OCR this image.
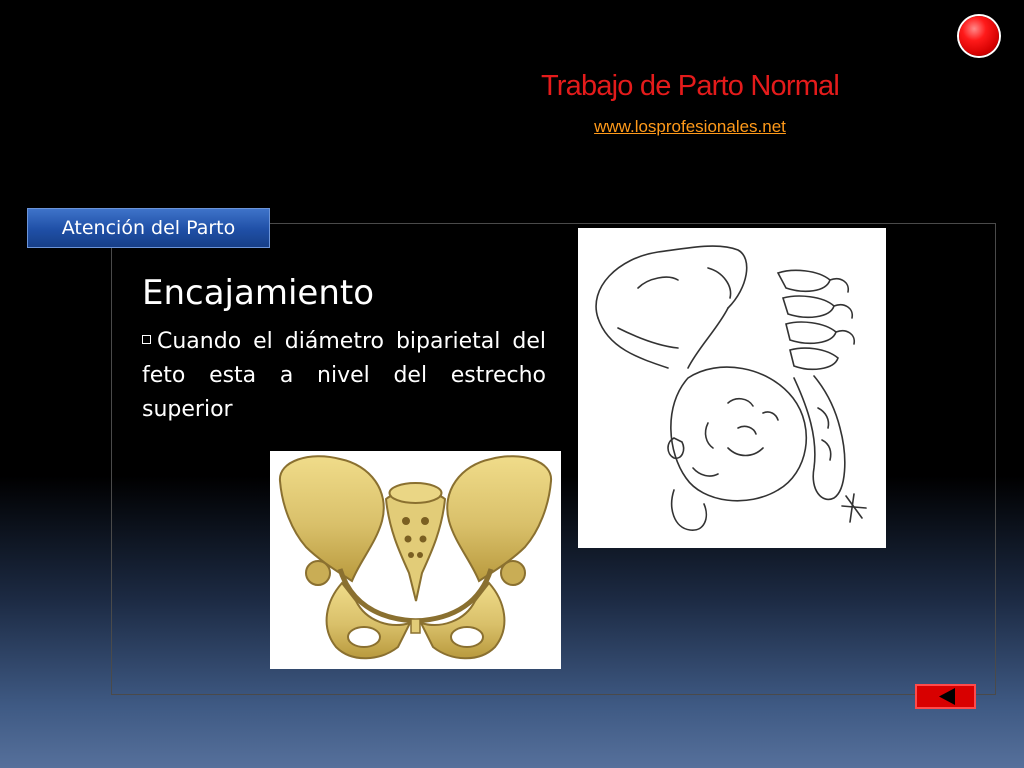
Trabajo de Parto Normal
www.losprofesionales.net
Atención del Parto
Encajamiento
Cuando el diámetro biparietal del feto esta a nivel del estrecho superior
